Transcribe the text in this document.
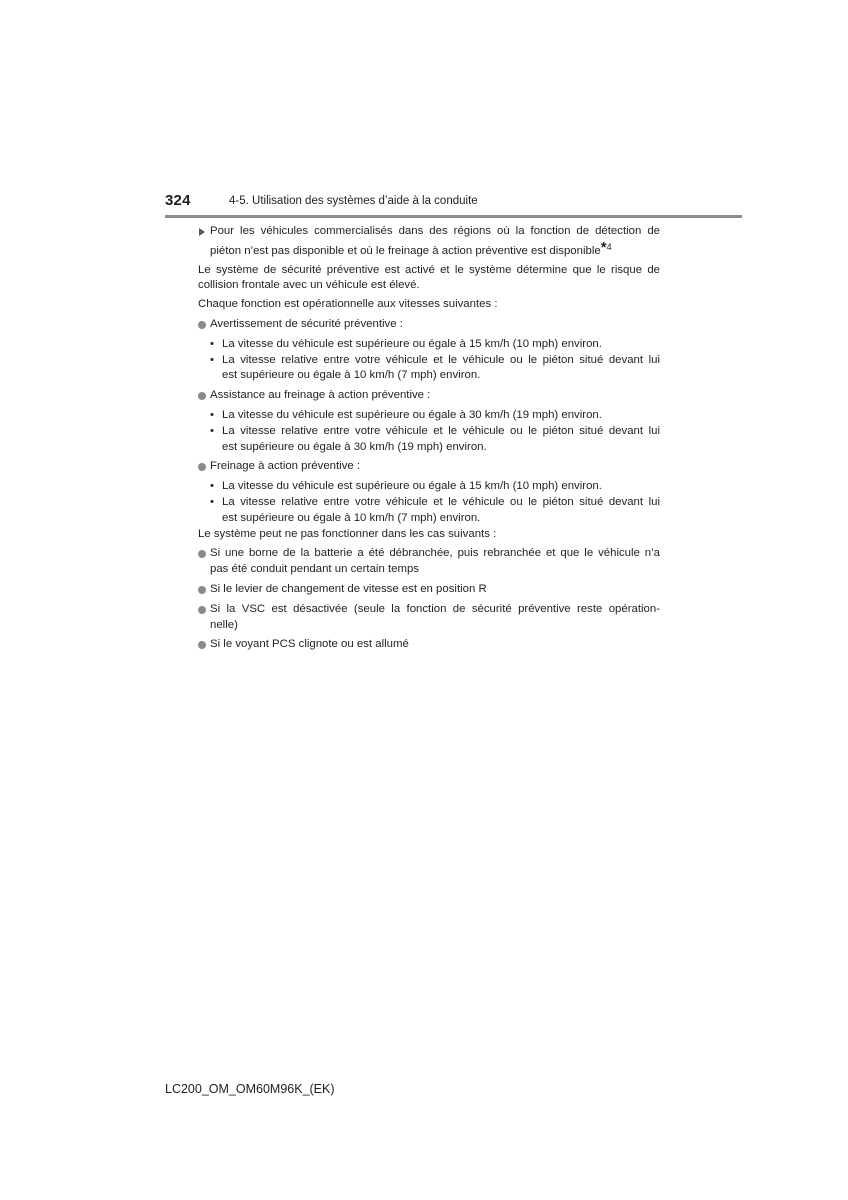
324	4-5. Utilisation des systèmes d’aide à la conduite
Pour les véhicules commercialisés dans des régions où la fonction de détection de
piéton n’est pas disponible et où le freinage à action préventive est disponible*$^4$
Le système de sécurité préventive est activé et le système détermine que le risque de
collision frontale avec un véhicule est élevé.
Chaque fonction est opérationnelle aux vitesses suivantes :
Avertissement de sécurité préventive :
• La vitesse du véhicule est supérieure ou égale à 15 km/h (10 mph) environ.
• La vitesse relative entre votre véhicule et le véhicule ou le piéton situé devant lui
est supérieure ou égale à 10 km/h (7 mph) environ.
Assistance au freinage à action préventive :
• La vitesse du véhicule est supérieure ou égale à 30 km/h (19 mph) environ.
• La vitesse relative entre votre véhicule et le véhicule ou le piéton situé devant lui
est supérieure ou égale à 30 km/h (19 mph) environ.
Freinage à action préventive :
• La vitesse du véhicule est supérieure ou égale à 15 km/h (10 mph) environ.
• La vitesse relative entre votre véhicule et le véhicule ou le piéton situé devant lui
est supérieure ou égale à 10 km/h (7 mph) environ.
Le système peut ne pas fonctionner dans les cas suivants :
Si une borne de la batterie a été débranchée, puis rebranchée et que le véhicule n’a
pas été conduit pendant un certain temps
Si le levier de changement de vitesse est en position R
Si la VSC est désactivée (seule la fonction de sécurité préventive reste opération-
nelle)
Si le voyant PCS clignote ou est allumé
LC200_OM_OM60M96K_(EK)
